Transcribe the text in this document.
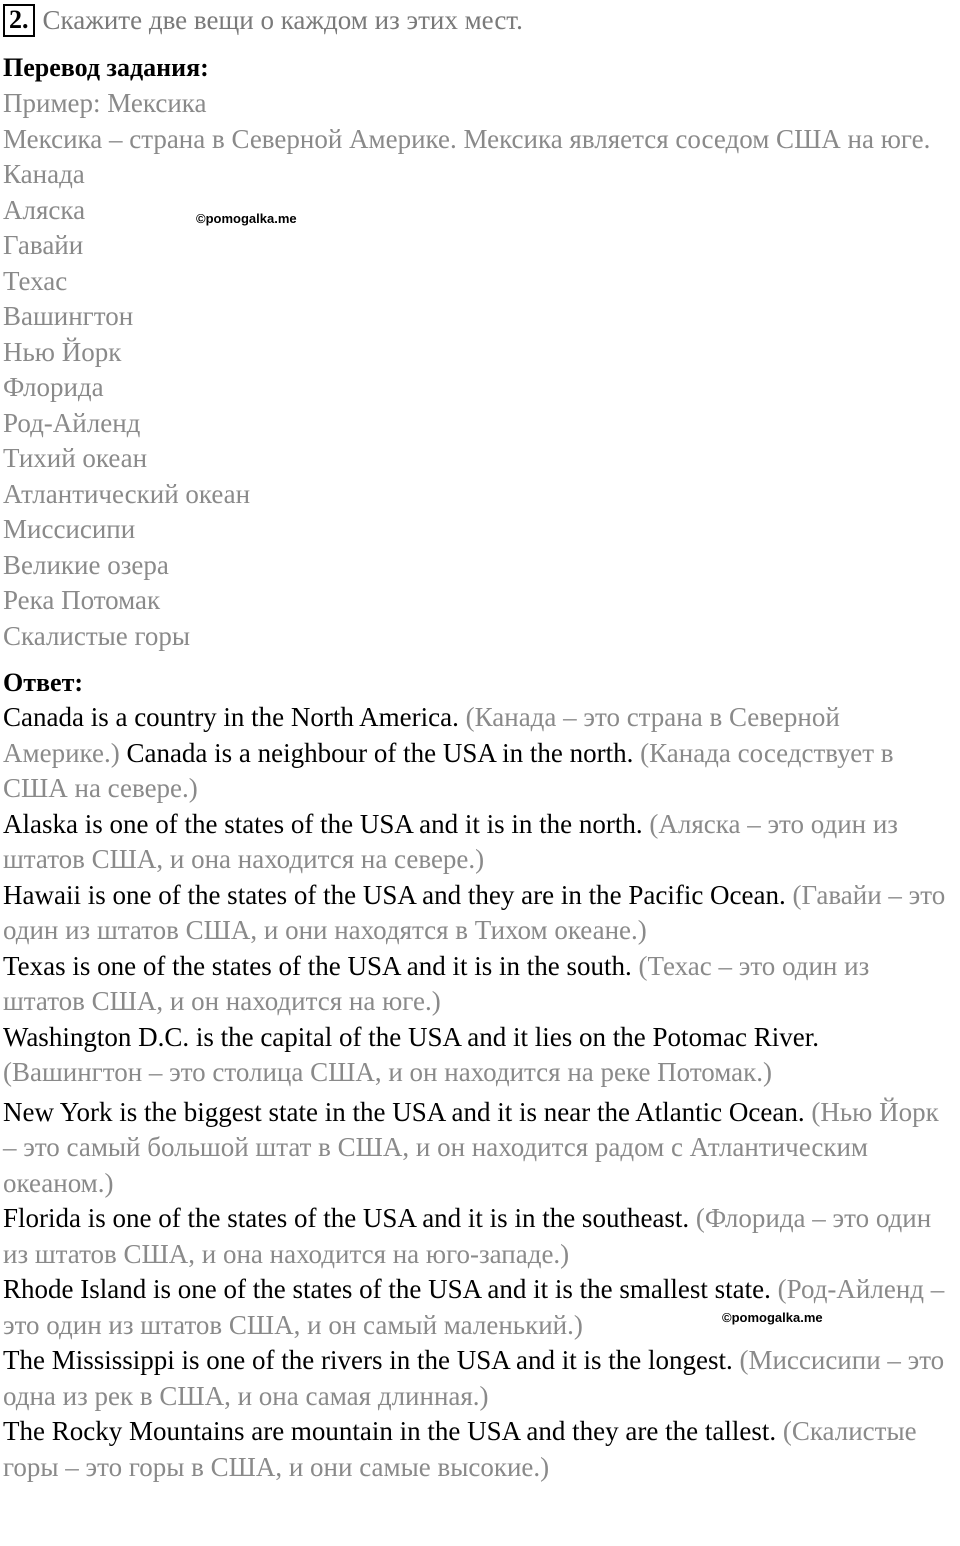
2. Скажите две вещи о каждом из этих мест.
Перевод задания:
Пример: Мексика
Мексика – страна в Северной Америке. Мексика является соседом США на юге.
Канада
Аляска
Гавайи
Техас
Вашингтон
Нью Йорк
Флорида
Род-Айленд
Тихий океан
Атлантический океан
Миссисипи
Великие озера
Река Потомак
Скалистые горы
Ответ:

Canada is a country in the North America. (Канада – это страна в Северной Америке.) Canada is a neighbour of the USA in the north. (Канада соседствует в США на севере.)

Alaska is one of the states of the USA and it is in the north. (Аляска – это один из штатов США, и она находится на севере.)

Hawaii is one of the states of the USA and they are in the Pacific Ocean. (Гавайи – это один из штатов США, и они находятся в Тихом океане.)

Texas is one of the states of the USA and it is in the south. (Техас – это один из штатов США, и он находится на юге.)

Washington D.C. is the capital of the USA and it lies on the Potomac River. (Вашингтон – это столица США, и он находится на реке Потомак.)

New York is the biggest state in the USA and it is near the Atlantic Ocean. (Нью Йорк – это самый большой штат в США, и он находится радом с Атлантическим океаном.)

Florida is one of the states of the USA and it is in the southeast. (Флорида – это один из штатов США, и она находится на юго-западе.)

Rhode Island is one of the states of the USA and it is the smallest state. (Род-Айленд – это один из штатов США, и он самый маленький.)

The Mississippi is one of the rivers in the USA and it is the longest. (Миссисипи – это одна из рек в США, и она самая длинная.)

The Rocky Mountains are mountain in the USA and they are the tallest. (Скалистые горы – это горы в США, и они самые высокие.)

©pomogalka.me
©pomogalka.me
